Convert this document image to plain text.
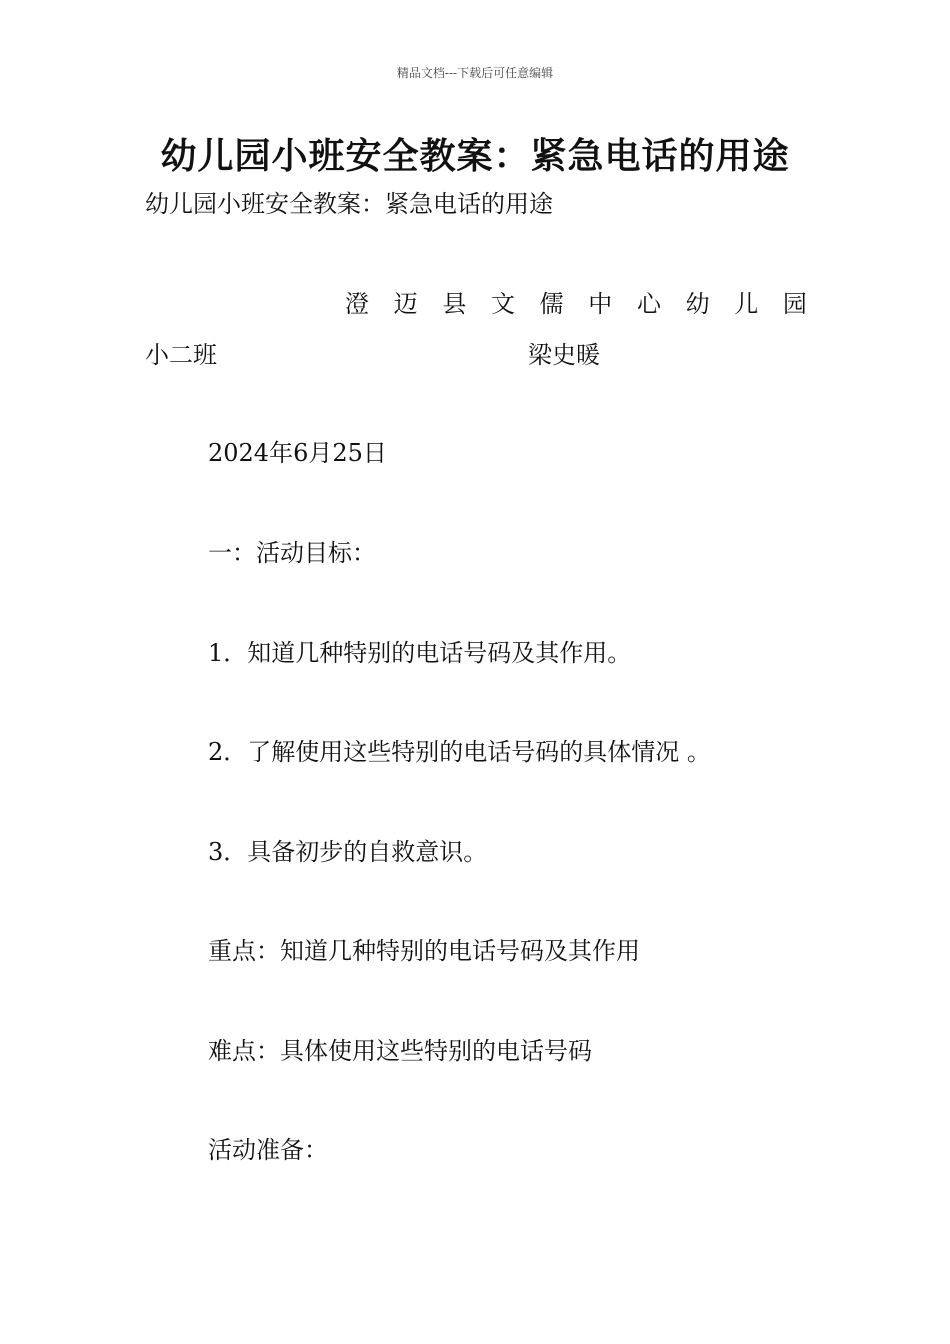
精品文档---下载后可任意编辑
幼儿园小班安全教案：紧急电话的用途
幼儿园小班安全教案：紧急电话的用途
澄 迈 县 文 儒 中 心 幼 儿 园
小二班	梁史暖
2024年6月25日
一：活动目标：
1．知道几种特别的电话号码及其作用。
2．了解使用这些特别的电话号码的具体情况 。
3．具备初步的自救意识。
重点：知道几种特别的电话号码及其作用
难点：具体使用这些特别的电话号码
活动准备：
